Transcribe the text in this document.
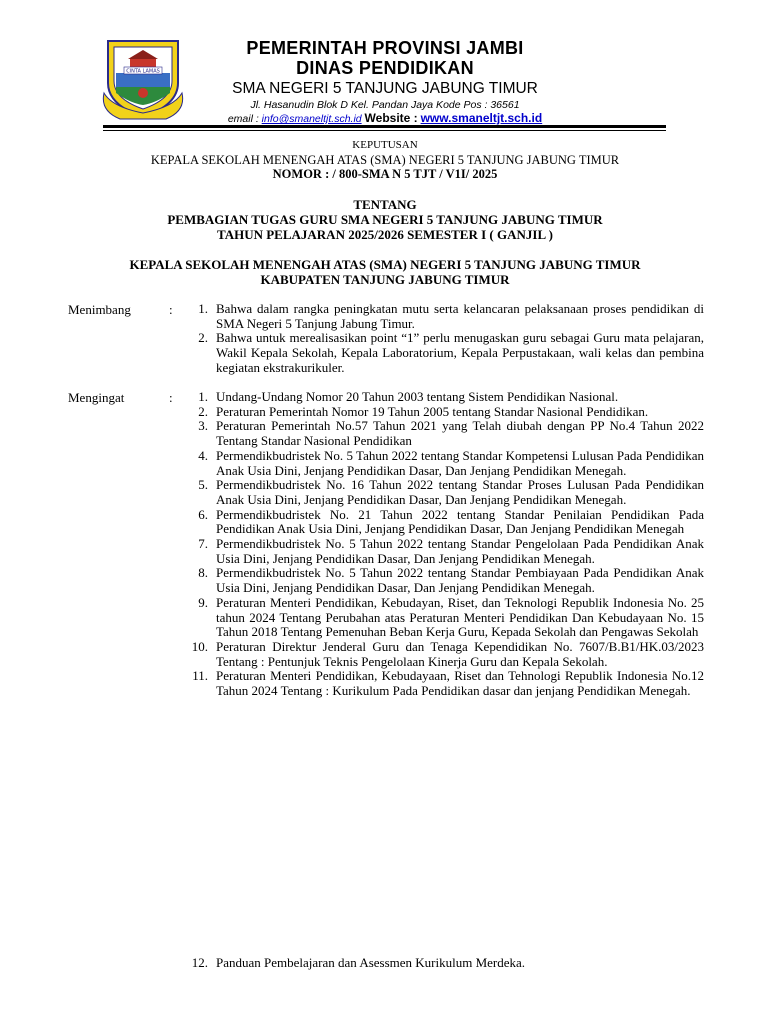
CINTA LAMAS
PEMERINTAH PROVINSI JAMBI
DINAS PENDIDIKAN
SMA NEGERI 5 TANJUNG JABUNG TIMUR
Jl. Hasanudin Blok D Kel. Pandan Jaya Kode Pos : 36561
email : info@smaneltjt.sch.id Website : www.smaneltjt.sch.id
KEPUTUSAN
KEPALA SEKOLAH MENENGAH ATAS (SMA) NEGERI 5 TANJUNG JABUNG TIMUR
NOMOR : / 800-SMA N 5 TJT / V1I/ 2025
TENTANG
PEMBAGIAN TUGAS GURU SMA NEGERI 5 TANJUNG JABUNG TIMUR
TAHUN PELAJARAN 2025/2026 SEMESTER I ( GANJIL )
KEPALA SEKOLAH MENENGAH ATAS (SMA) NEGERI 5 TANJUNG JABUNG TIMUR
KABUPATEN TANJUNG JABUNG TIMUR
Menimbang	:	1. Bahwa dalam rangka peningkatan mutu serta kelancaran pelaksanaan proses pendidikan di SMA Negeri 5 Tanjung Jabung Timur.
2. Bahwa untuk merealisasikan point “1” perlu menugaskan guru sebagai Guru mata pelajaran, Wakil Kepala Sekolah, Kepala Laboratorium, Kepala Perpustakaan, wali kelas dan pembina kegiatan ekstrakurikuler.
Mengingat	:	1. Undang-Undang Nomor 20 Tahun 2003 tentang Sistem Pendidikan Nasional.
2. Peraturan Pemerintah Nomor 19 Tahun 2005 tentang Standar Nasional Pendidikan.
3. Peraturan Pemerintah No.57 Tahun 2021 yang Telah diubah dengan PP No.4 Tahun 2022 Tentang Standar Nasional Pendidikan
4. Permendikbudristek No. 5 Tahun 2022 tentang Standar Kompetensi Lulusan Pada Pendidikan Anak Usia Dini, Jenjang Pendidikan Dasar, Dan Jenjang Pendidikan Menegah.
5. Permendikbudristek No. 16 Tahun 2022 tentang Standar Proses Lulusan Pada Pendidikan Anak Usia Dini, Jenjang Pendidikan Dasar, Dan Jenjang Pendidikan Menegah.
6. Permendikbudristek No. 21 Tahun 2022 tentang Standar Penilaian Pendidikan Pada Pendidikan Anak Usia Dini, Jenjang Pendidikan Dasar, Dan Jenjang Pendidikan Menegah
7. Permendikbudristek No. 5 Tahun 2022 tentang Standar Pengelolaan Pada Pendidikan Anak Usia Dini, Jenjang Pendidikan Dasar, Dan Jenjang Pendidikan Menegah.
8. Permendikbudristek No. 5 Tahun 2022 tentang Standar Pembiayaan Pada Pendidikan Anak Usia Dini, Jenjang Pendidikan Dasar, Dan Jenjang Pendidikan Menegah.
9. Peraturan Menteri Pendidikan, Kebudayan, Riset, dan Teknologi Republik Indonesia No. 25 tahun 2024 Tentang Perubahan atas Peraturan Menteri Pendidikan Dan Kebudayaan No. 15 Tahun 2018 Tentang Pemenuhan Beban Kerja Guru, Kepada Sekolah dan Pengawas Sekolah
10. Peraturan Direktur Jenderal Guru dan Tenaga Kependidikan No. 7607/B.B1/HK.03/2023 Tentang : Pentunjuk Teknis Pengelolaan Kinerja Guru dan Kepala Sekolah.
11. Peraturan Menteri Pendidikan, Kebudayaan, Riset dan Tehnologi Republik Indonesia No.12 Tahun 2024 Tentang : Kurikulum Pada Pendidikan dasar dan jenjang Pendidikan Menegah.
12. Panduan Pembelajaran dan Asessmen Kurikulum Merdeka.
